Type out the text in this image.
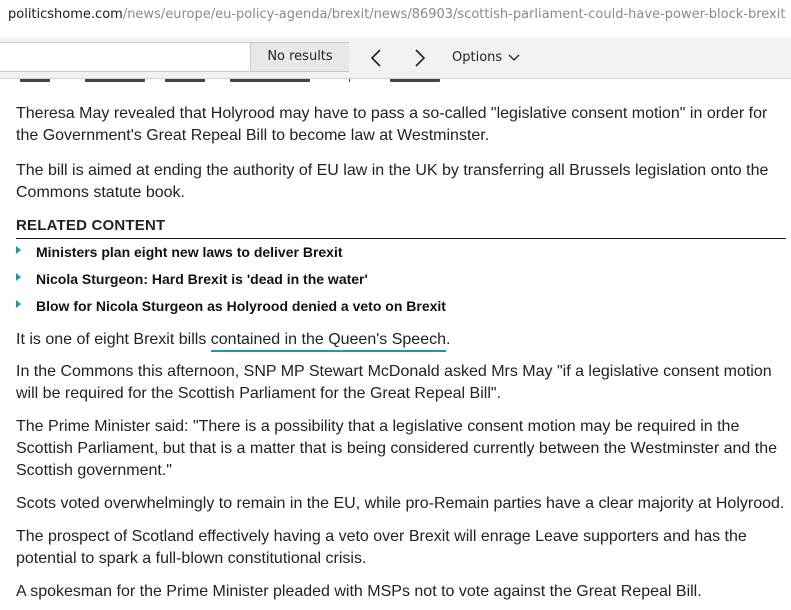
politicshome.com/news/europe/eu-policy-agenda/brexit/news/86903/scottish-parliament-could-have-power-block-brexit
No results	Options

Theresa May revealed that Holyrood may have to pass a so-called "legislative consent motion" in order for the Government's Great Repeal Bill to become law at Westminster.

The bill is aimed at ending the authority of EU law in the UK by transferring all Brussels legislation onto the Commons statute book.

RELATED CONTENT
Ministers plan eight new laws to deliver Brexit
Nicola Sturgeon: Hard Brexit is 'dead in the water'
Blow for Nicola Sturgeon as Holyrood denied a veto on Brexit

It is one of eight Brexit bills contained in the Queen's Speech.

In the Commons this afternoon, SNP MP Stewart McDonald asked Mrs May "if a legislative consent motion will be required for the Scottish Parliament for the Great Repeal Bill".

The Prime Minister said: "There is a possibility that a legislative consent motion may be required in the Scottish Parliament, but that is a matter that is being considered currently between the Westminster and the Scottish government."

Scots voted overwhelmingly to remain in the EU, while pro-Remain parties have a clear majority at Holyrood.

The prospect of Scotland effectively having a veto over Brexit will enrage Leave supporters and has the potential to spark a full-blown constitutional crisis.

A spokesman for the Prime Minister pleaded with MSPs not to vote against the Great Repeal Bill.
